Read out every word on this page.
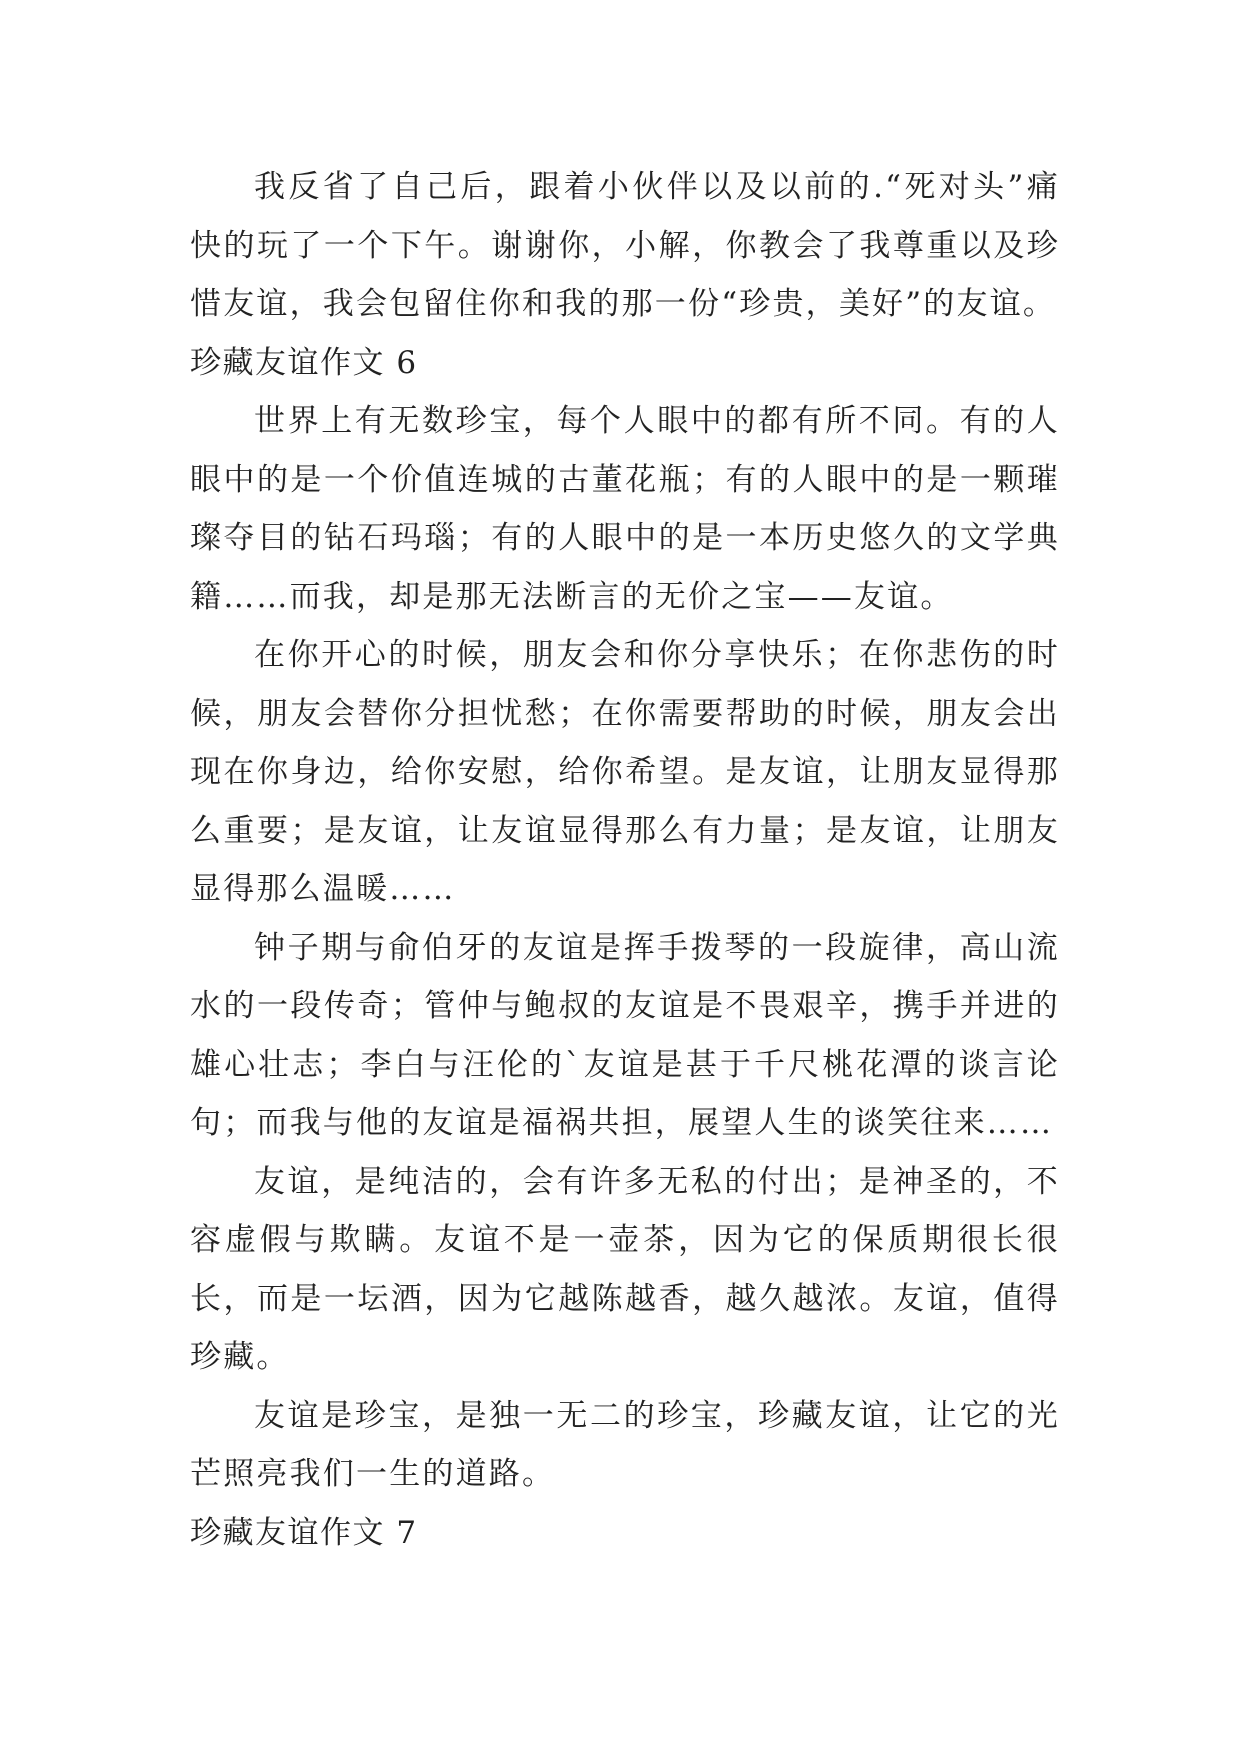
我反省了自己后，跟着小伙伴以及以前的.“死对头”痛快的玩了一个下午。谢谢你，小解，你教会了我尊重以及珍惜友谊，我会包留住你和我的那一份“珍贵，美好”的友谊。

珍藏友谊作文 6

世界上有无数珍宝，每个人眼中的都有所不同。有的人眼中的是一个价值连城的古董花瓶；有的人眼中的是一颗璀璨夺目的钻石玛瑙；有的人眼中的是一本历史悠久的文学典籍……而我，却是那无法断言的无价之宝——友谊。

在你开心的时候，朋友会和你分享快乐；在你悲伤的时候，朋友会替你分担忧愁；在你需要帮助的时候，朋友会出现在你身边，给你安慰，给你希望。是友谊，让朋友显得那么重要；是友谊，让友谊显得那么有力量；是友谊，让朋友显得那么温暖……

钟子期与俞伯牙的友谊是挥手拨琴的一段旋律，高山流水的一段传奇；管仲与鲍叔的友谊是不畏艰辛，携手并进的雄心壮志；李白与汪伦的`友谊是甚于千尺桃花潭的谈言论句；而我与他的友谊是福祸共担，展望人生的谈笑往来……

友谊，是纯洁的，会有许多无私的付出；是神圣的，不容虚假与欺瞒。友谊不是一壶茶，因为它的保质期很长很长，而是一坛酒，因为它越陈越香，越久越浓。友谊，值得珍藏。

友谊是珍宝，是独一无二的珍宝，珍藏友谊，让它的光芒照亮我们一生的道路。

珍藏友谊作文 7
